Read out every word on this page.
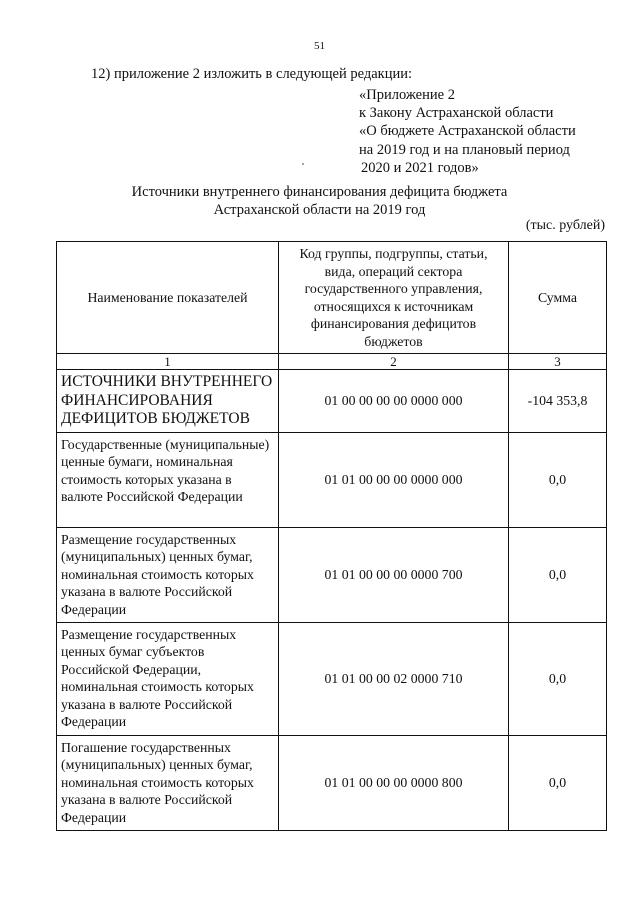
51
12) приложение 2 изложить в следующей редакции:
«Приложение 2
к Закону Астраханской области
«О бюджете Астраханской области
на 2019 год и на плановый период
2020 и 2021 годов»
Источники внутреннего финансирования дефицита бюджета
Астраханской области на 2019 год
(тыс. рублей)
Наименование показателей	Код группы, подгруппы, статьи, вида, операций сектора государственного управления, относящихся к источникам финансирования дефицитов бюджетов	Сумма
1	2	3
ИСТОЧНИКИ ВНУТРЕННЕГО ФИНАНСИРОВАНИЯ ДЕФИЦИТОВ БЮДЖЕТОВ	01 00 00 00 00 0000 000	-104 353,8
Государственные (муниципальные) ценные бумаги, номинальная стоимость которых указана в валюте Российской Федерации	01 01 00 00 00 0000 000	0,0
Размещение государственных (муниципальных) ценных бумаг, номинальная стоимость которых указана в валюте Российской Федерации	01 01 00 00 00 0000 700	0,0
Размещение государственных ценных бумаг субъектов Российской Федерации, номинальная стоимость которых указана в валюте Российской Федерации	01 01 00 00 02 0000 710	0,0
Погашение государственных (муниципальных) ценных бумаг, номинальная стоимость которых указана в валюте Российской Федерации	01 01 00 00 00 0000 800	0,0
